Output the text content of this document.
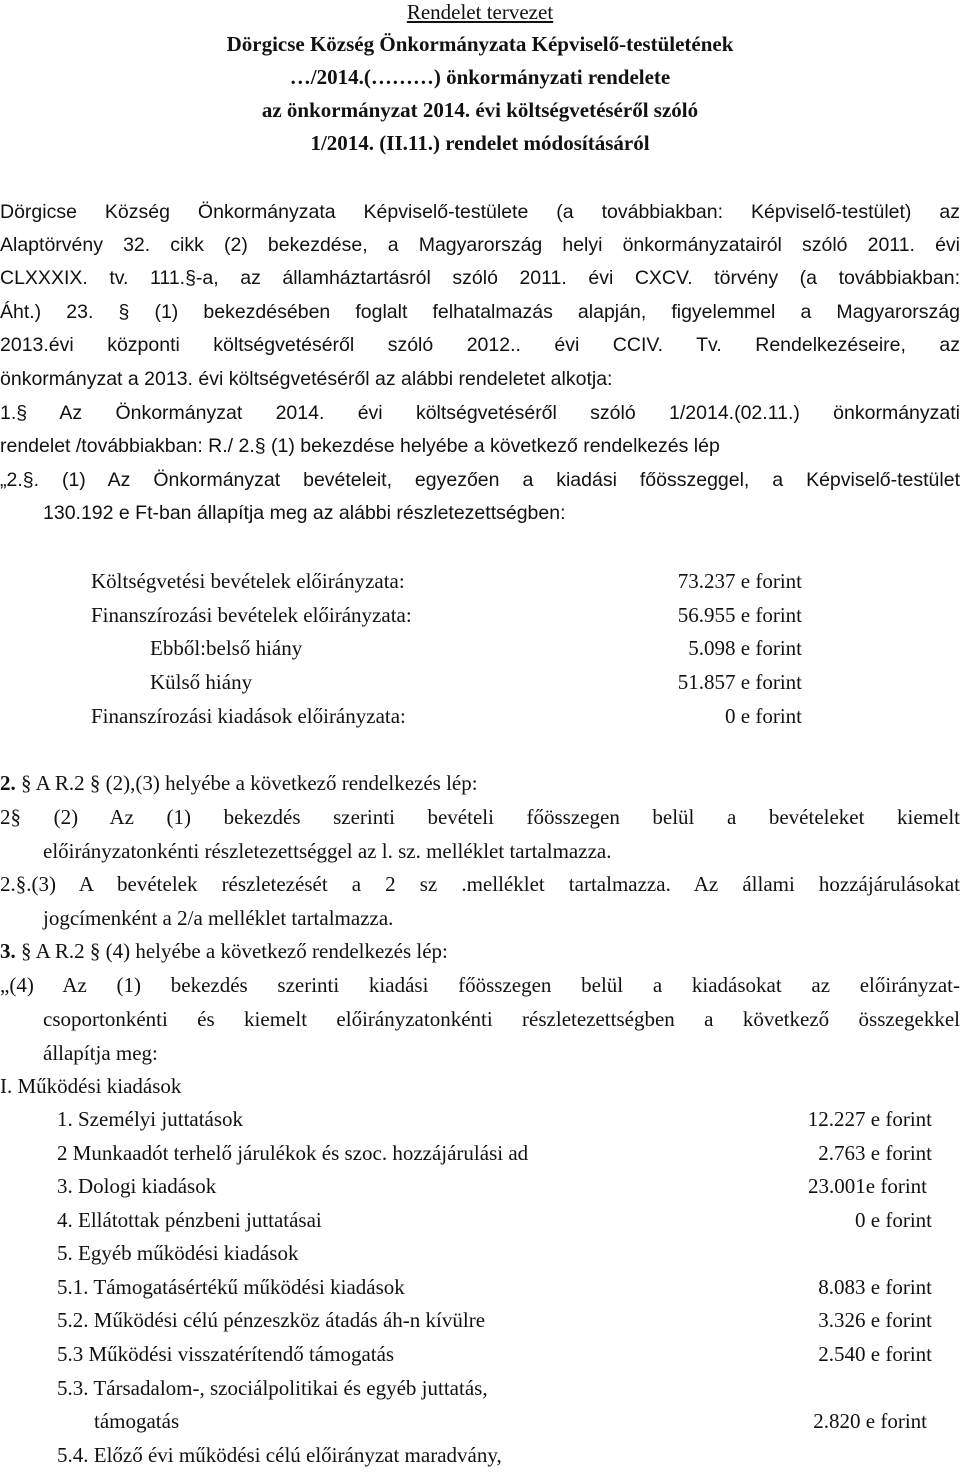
Rendelet tervezet
Dörgicse Község Önkormányzata Képviselő-testületének
…/2014.(………) önkormányzati rendelete
az önkormányzat 2014. évi költségvetéséről szóló
1/2014. (II.11.) rendelet módosításáról
Dörgicse Község Önkormányzata Képviselő-testülete (a továbbiakban: Képviselő-testület) az
Alaptörvény 32. cikk (2) bekezdése, a Magyarország helyi önkormányzatairól szóló 2011. évi
CLXXXIX. tv. 111.§-a, az államháztartásról szóló 2011. évi CXCV. törvény (a továbbiakban:
Áht.) 23. § (1) bekezdésében foglalt felhatalmazás alapján, figyelemmel a Magyarország
2013.évi központi költségvetéséről szóló 2012.. évi CCIV. Tv. Rendelkezéseire, az
önkormányzat a 2013. évi költségvetéséről az alábbi rendeletet alkotja:
1.§ Az Önkormányzat 2014. évi költségvetéséről szóló 1/2014.(02.11.) önkormányzati
rendelet /továbbiakban: R./ 2.§ (1) bekezdése helyébe a következő rendelkezés lép
„2.§. (1) Az Önkormányzat bevételeit, egyezően a kiadási főösszeggel, a Képviselő-testület
130.192 e Ft-ban állapítja meg az alábbi részletezettségben:
Költségvetési bevételek előirányzata:	73.237 e forint
Finanszírozási bevételek előirányzata:	56.955 e forint
Ebből:belső hiány	5.098 e forint
Külső hiány	51.857 e forint
Finanszírozási kiadások előirányzata:	0 e forint
2. § A R.2 § (2),(3) helyébe a következő rendelkezés lép:
2§ (2) Az (1) bekezdés szerinti bevételi főösszegen belül a bevételeket kiemelt
előirányzatonkénti részletezettséggel az l. sz. melléklet tartalmazza.
2.§.(3) A bevételek részletezését a 2 sz .melléklet tartalmazza. Az állami hozzájárulásokat
jogcímenként a 2/a melléklet tartalmazza.
3. § A R.2 § (4) helyébe a következő rendelkezés lép:
„(4) Az (1) bekezdés szerinti kiadási főösszegen belül a kiadásokat az előirányzat-
csoportonkénti és kiemelt előirányzatonkénti részletezettségben a következő összegekkel
állapítja meg:
I. Működési kiadások
1. Személyi juttatások	12.227 e forint
2 Munkaadót terhelő járulékok és szoc. hozzájárulási ad	2.763 e forint
3. Dologi kiadások	23.001e forint
4. Ellátottak pénzbeni juttatásai	0 e forint
5. Egyéb működési kiadások
5.1. Támogatásértékű működési kiadások	8.083 e forint
5.2. Működési célú pénzeszköz átadás áh-n kívülre	3.326 e forint
5.3 Működési visszatérítendő támogatás	2.540 e forint
5.3. Társadalom-, szociálpolitikai és egyéb juttatás,
támogatás	2.820 e forint
5.4. Előző évi működési célú előirányzat maradvány,
